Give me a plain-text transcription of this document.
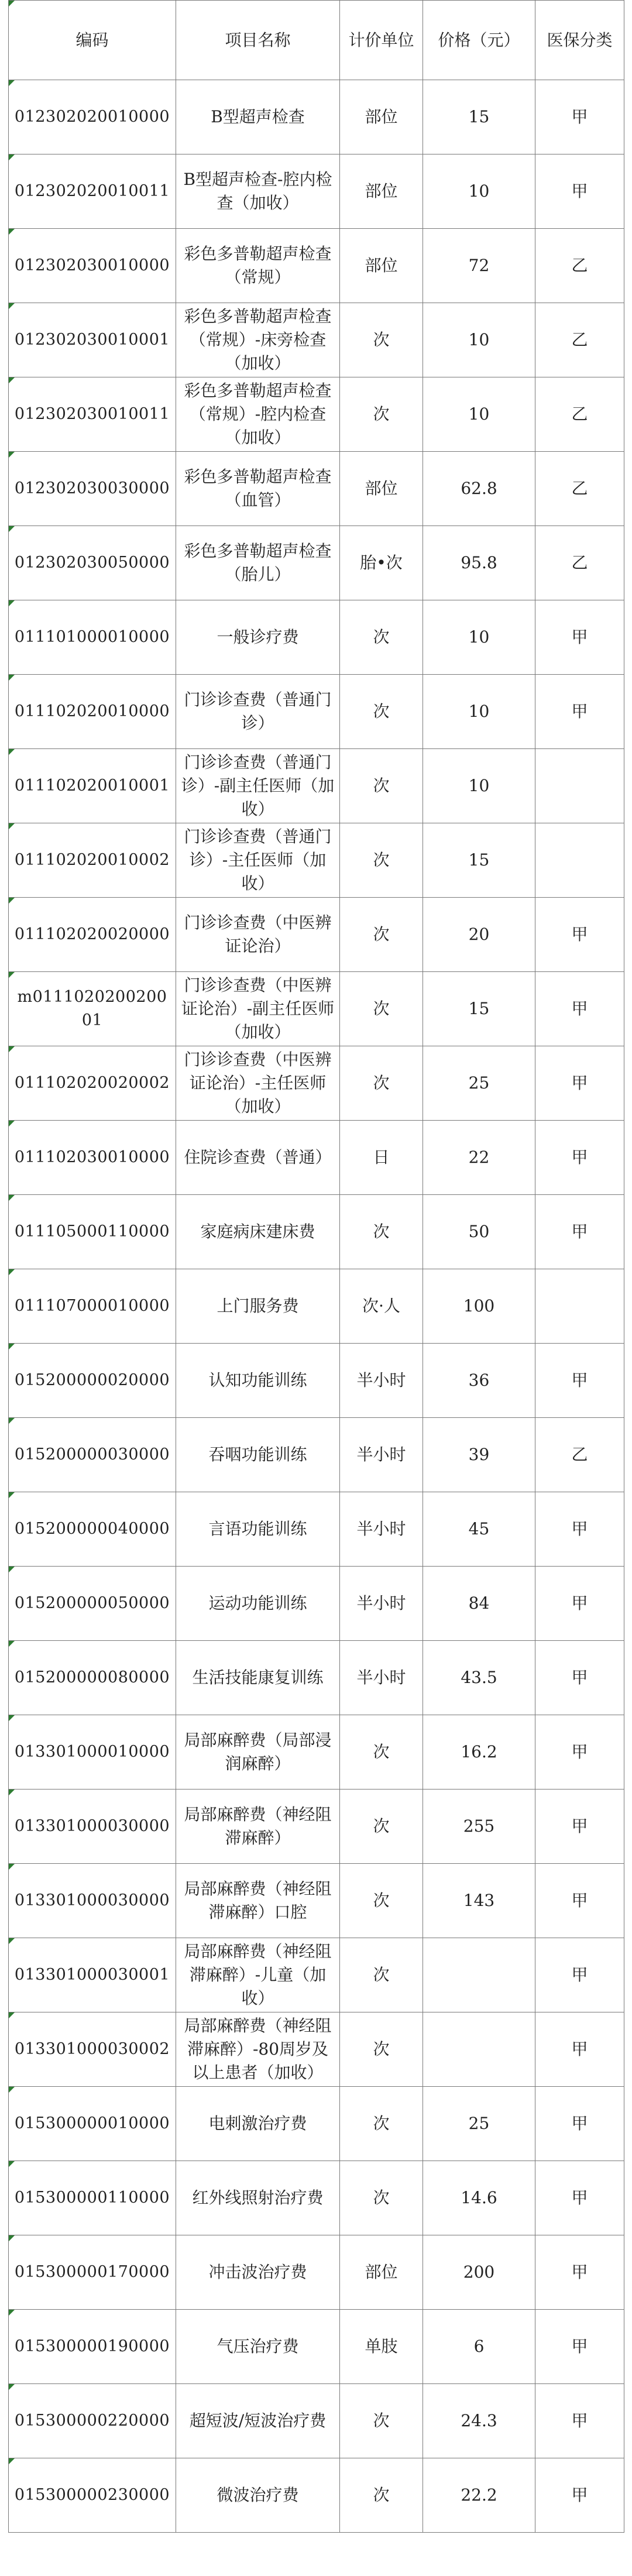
编码	项目名称	计价单位	价格（元）	医保分类

012302020010000	B型超声检查	部位	15	甲

012302020010011	B型超声检查-腔内检查（加收）	部位	10	甲

012302030010000	彩色多普勒超声检查（常规）	部位	72	乙

012302030010001	彩色多普勒超声检查（常规）-床旁检查（加收）	次	10	乙

012302030010011	彩色多普勒超声检查（常规）-腔内检查（加收）	次	10	乙

012302030030000	彩色多普勒超声检查（血管）	部位	62.8	乙

012302030050000	彩色多普勒超声检查（胎儿）	胎•次	95.8	乙

011101000010000	一般诊疗费	次	10	甲

011102020010000	门诊诊查费（普通门诊）	次	10	甲

011102020010001	门诊诊查费（普通门诊）-副主任医师（加收）	次	10	

011102020010002	门诊诊查费（普通门诊）-主任医师（加收）	次	15	

011102020020000	门诊诊查费（中医辨证论治）	次	20	甲

m011102020020001	门诊诊查费（中医辨证论治）-副主任医师（加收）	次	15	甲

011102020020002	门诊诊查费（中医辨证论治）-主任医师（加收）	次	25	甲

011102030010000	住院诊查费（普通）	日	22	甲

011105000110000	家庭病床建床费	次	50	甲

011107000010000	上门服务费	次·人	100	

015200000020000	认知功能训练	半小时	36	甲

015200000030000	吞咽功能训练	半小时	39	乙

015200000040000	言语功能训练	半小时	45	甲

015200000050000	运动功能训练	半小时	84	甲

015200000080000	生活技能康复训练	半小时	43.5	甲

013301000010000	局部麻醉费（局部浸润麻醉）	次	16.2	甲

013301000030000	局部麻醉费（神经阻滞麻醉）	次	255	甲

013301000030000	局部麻醉费（神经阻滞麻醉）口腔	次	143	甲

013301000030001	局部麻醉费（神经阻滞麻醉）-儿童（加收）	次		甲

013301000030002	局部麻醉费（神经阻滞麻醉）-80周岁及以上患者（加收）	次		甲

015300000010000	电刺激治疗费	次	25	甲

015300000110000	红外线照射治疗费	次	14.6	甲

015300000170000	冲击波治疗费	部位	200	甲

015300000190000	气压治疗费	单肢	6	甲

015300000220000	超短波/短波治疗费	次	24.3	甲

015300000230000	微波治疗费	次	22.2	甲
